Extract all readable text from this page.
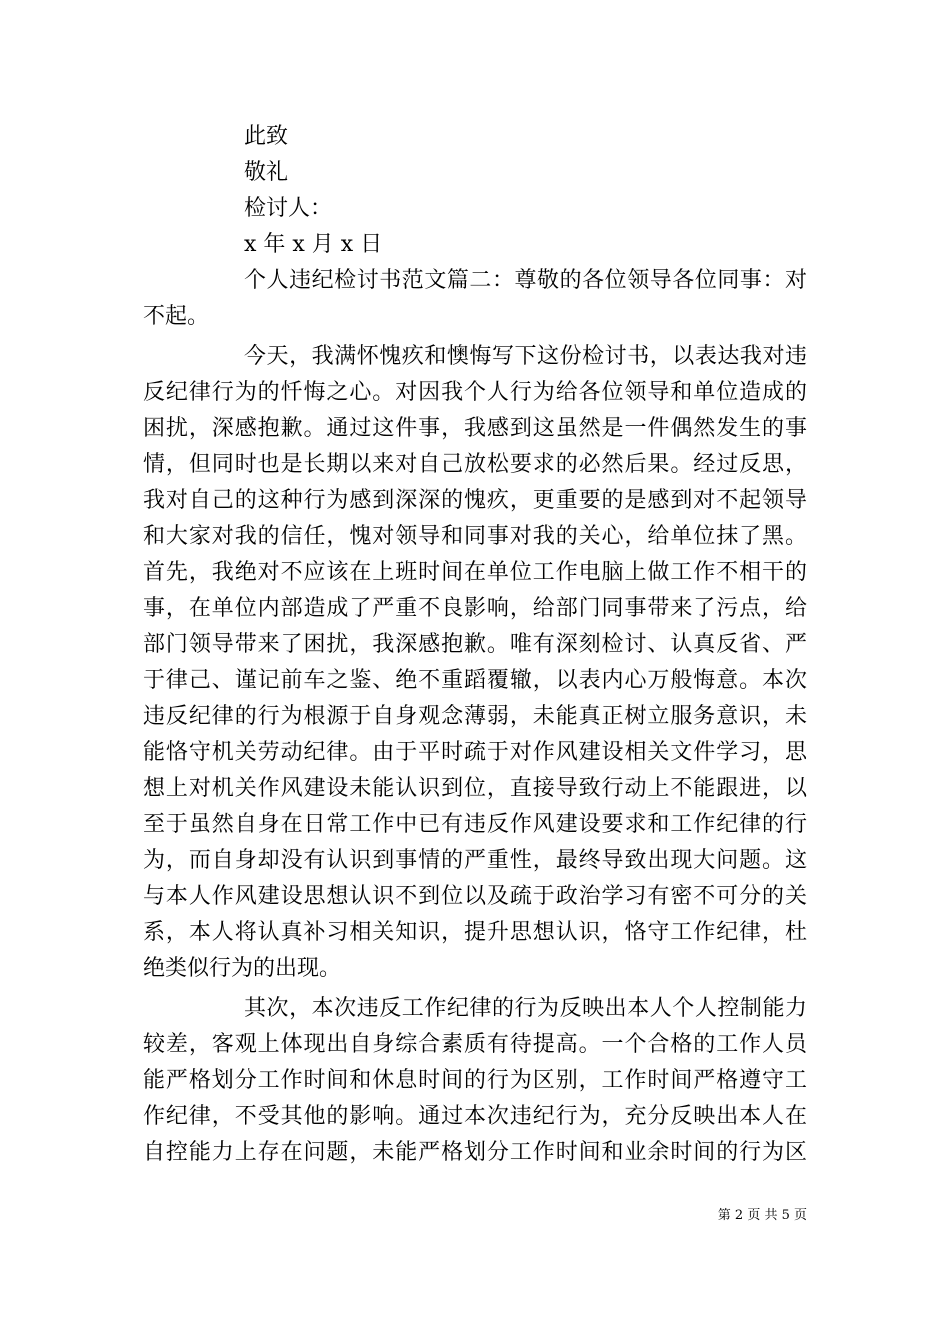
此致
敬礼
检讨人：
x 年 x 月 x 日
个人违纪检讨书范文篇二：尊敬的各位领导各位同事：对
不起。
今天，我满怀愧疚和懊悔写下这份检讨书，以表达我对违
反纪律行为的忏悔之心。对因我个人行为给各位领导和单位造成的
困扰，深感抱歉。通过这件事，我感到这虽然是一件偶然发生的事
情，但同时也是长期以来对自己放松要求的必然后果。经过反思，
我对自己的这种行为感到深深的愧疚，更重要的是感到对不起领导
和大家对我的信任，愧对领导和同事对我的关心，给单位抹了黑。
首先，我绝对不应该在上班时间在单位工作电脑上做工作不相干的
事，在单位内部造成了严重不良影响，给部门同事带来了污点，给
部门领导带来了困扰，我深感抱歉。唯有深刻检讨、认真反省、严
于律己、谨记前车之鉴、绝不重蹈覆辙，以表内心万般悔意。本次
违反纪律的行为根源于自身观念薄弱，未能真正树立服务意识，未
能恪守机关劳动纪律。由于平时疏于对作风建设相关文件学习，思
想上对机关作风建设未能认识到位，直接导致行动上不能跟进，以
至于虽然自身在日常工作中已有违反作风建设要求和工作纪律的行
为，而自身却没有认识到事情的严重性，最终导致出现大问题。这
与本人作风建设思想认识不到位以及疏于政治学习有密不可分的关
系，本人将认真补习相关知识，提升思想认识，恪守工作纪律，杜
绝类似行为的出现。
其次，本次违反工作纪律的行为反映出本人个人控制能力
较差，客观上体现出自身综合素质有待提高。一个合格的工作人员
能严格划分工作时间和休息时间的行为区别，工作时间严格遵守工
作纪律，不受其他的影响。通过本次违纪行为，充分反映出本人在
自控能力上存在问题，未能严格划分工作时间和业余时间的行为区
第 2 页 共 5 页
